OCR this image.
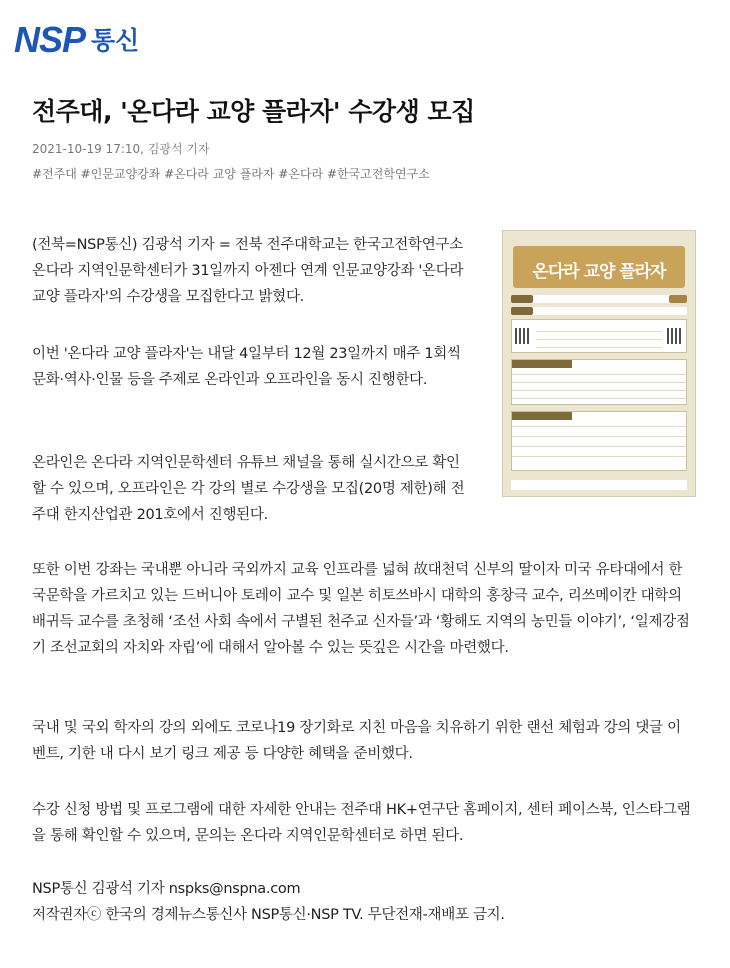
NSP 통신
전주대, '온다라 교양 플라자' 수강생 모집
2021-10-19 17:10, 김광석 기자
#전주대 #인문교양강좌 #온다라 교양 플라자 #온다라 #한국고전학연구소

(전북=NSP통신) 김광석 기자 = 전북 전주대학교는 한국고전학연구소 온다라 지역인문학센터가 31일까지 아젠다 연계 인문교양강좌 '온다라 교양 플라자'의 수강생을 모집한다고 밝혔다.

이번 '온다라 교양 플라자'는 내달 4일부터 12월 23일까지 매주 1회씩 문화·역사·인물 등을 주제로 온라인과 오프라인을 동시 진행한다.

온라인은 온다라 지역인문학센터 유튜브 채널을 통해 실시간으로 확인할 수 있으며, 오프라인은 각 강의 별로 수강생을 모집(20명 제한)해 전주대 한지산업관 201호에서 진행된다.

또한 이번 강좌는 국내뿐 아니라 국외까지 교육 인프라를 넓혀 故대천덕 신부의 딸이자 미국 유타대에서 한국문학을 가르치고 있는 드버니아 토레이 교수 및 일본 히토쓰바시 대학의 홍창극 교수, 리쓰메이칸 대학의 배귀득 교수를 초청해 ‘조선 사회 속에서 구별된 천주교 신자들’과 ‘황해도 지역의 농민들 이야기’, ‘일제강점기 조선교회의 자치와 자립’에 대해서 알아볼 수 있는 뜻깊은 시간을 마련했다.

국내 및 국외 학자의 강의 외에도 코로나19 장기화로 지친 마음을 치유하기 위한 랜선 체험과 강의 댓글 이벤트, 기한 내 다시 보기 링크 제공 등 다양한 혜택을 준비했다.

수강 신청 방법 및 프로그램에 대한 자세한 안내는 전주대 HK+연구단 홈페이지, 센터 페이스북, 인스타그램을 통해 확인할 수 있으며, 문의는 온다라 지역인문학센터로 하면 된다.

NSP통신 김광석 기자 nspks@nspna.com
저작권자ⓒ 한국의 경제뉴스통신사 NSP통신·NSP TV. 무단전재-재배포 금지.
온다라 교양 플라자
